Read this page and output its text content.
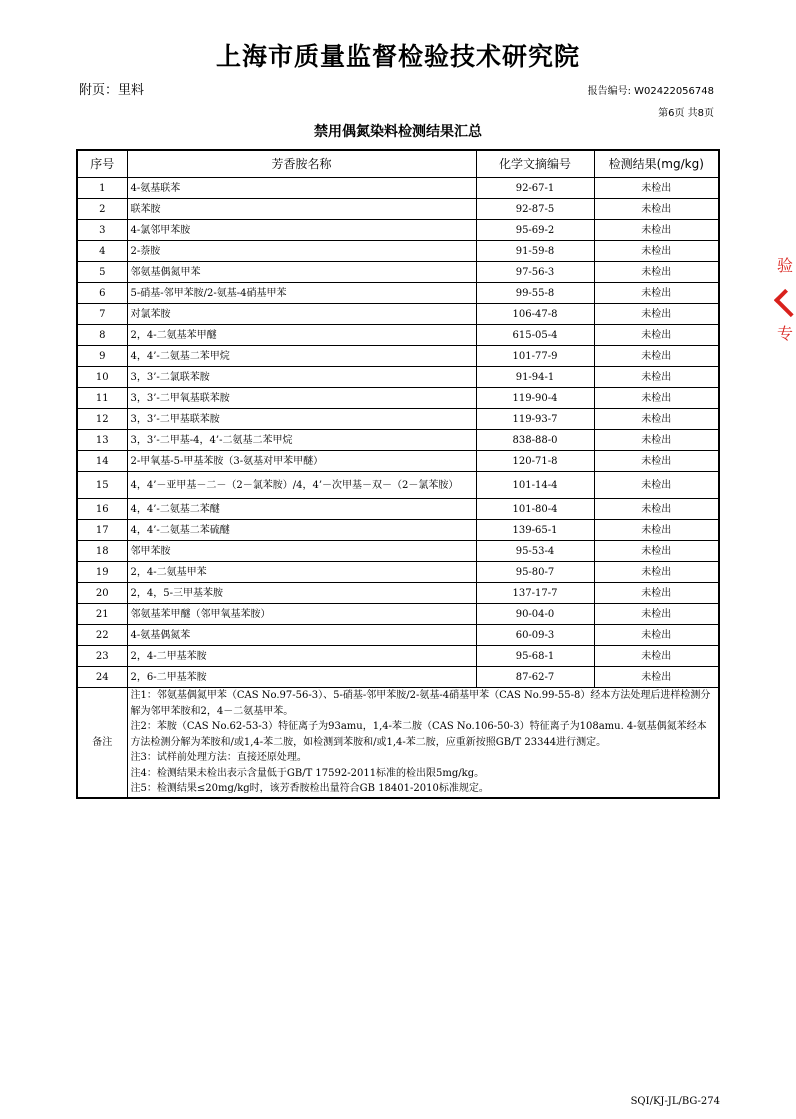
上海市质量监督检验技术研究院
附页：里料	报告编号: W02422056748
第6页 共8页
禁用偶氮染料检测结果汇总
序号	芳香胺名称	化学文摘编号	检测结果(mg/kg)
1	4-氨基联苯	92-67-1	未检出
2	联苯胺	92-87-5	未检出
3	4-氯邻甲苯胺	95-69-2	未检出
4	2-萘胺	91-59-8	未检出
5	邻氨基偶氮甲苯	97-56-3	未检出
6	5-硝基-邻甲苯胺/2-氨基-4硝基甲苯	99-55-8	未检出
7	对氯苯胺	106-47-8	未检出
8	2，4-二氨基苯甲醚	615-05-4	未检出
9	4，4’-二氨基二苯甲烷	101-77-9	未检出
10	3，3’-二氯联苯胺	91-94-1	未检出
11	3，3’-二甲氧基联苯胺	119-90-4	未检出
12	3，3’-二甲基联苯胺	119-93-7	未检出
13	3，3’-二甲基-4，4’-二氨基二苯甲烷	838-88-0	未检出
14	2-甲氧基-5-甲基苯胺（3-氨基对甲苯甲醚）	120-71-8	未检出
15	4，4’－亚甲基－二－（2－氯苯胺）/4，4’－次甲基－双－（2－氯苯胺）	101-14-4	未检出
16	4，4’-二氨基二苯醚	101-80-4	未检出
17	4，4’-二氨基二苯硫醚	139-65-1	未检出
18	邻甲苯胺	95-53-4	未检出
19	2，4-二氨基甲苯	95-80-7	未检出
20	2，4，5-三甲基苯胺	137-17-7	未检出
21	邻氨基苯甲醚（邻甲氧基苯胺）	90-04-0	未检出
22	4-氨基偶氮苯	60-09-3	未检出
23	2，4-二甲基苯胺	95-68-1	未检出
24	2，6-二甲基苯胺	87-62-7	未检出
备注	注1：邻氨基偶氮甲苯（CAS No.97-56-3）、5-硝基-邻甲苯胺/2-氨基-4硝基甲苯（CAS No.99-55-8）经本方法处理后进样检测分解为邻甲苯胺和2，4－二氨基甲苯。
注2：苯胺（CAS No.62-53-3）特征离子为93amu，1,4-苯二胺（CAS No.106-50-3）特征离子为108amu. 4-氨基偶氮苯经本方法检测分解为苯胺和/或1,4-苯二胺，如检测到苯胺和/或1,4-苯二胺，应重新按照GB/T 23344进行测定。
注3：试样前处理方法：直接还原处理。
注4：检测结果未检出表示含量低于GB/T 17592-2011标准的检出限5mg/kg。
注5：检测结果≤20mg/kg时，该芳香胺检出量符合GB 18401-2010标准规定。		
验
专
SQI/KJ-JL/BG-274
